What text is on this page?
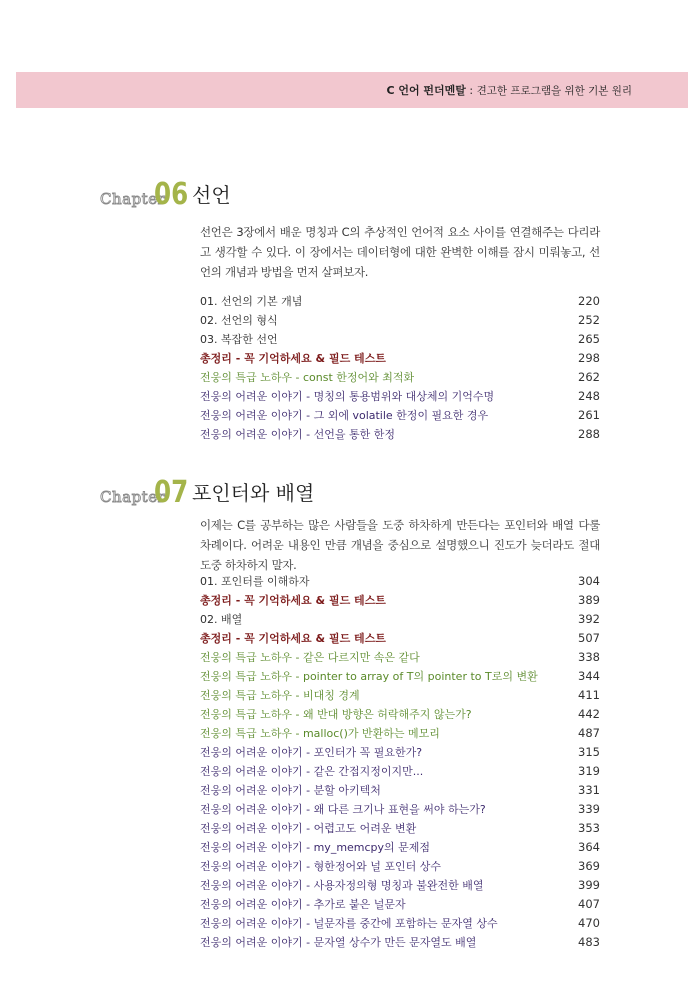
C 언어 펀더멘탈 : 견고한 프로그램을 위한 기본 원리
Chapter
06 선언
선언은 3장에서 배운 명칭과 C의 추상적인 언어적 요소 사이를 연결해주는 다리라고 생각할 수 있다. 이 장에서는 데이터형에 대한 완벽한 이해를 잠시 미뤄놓고, 선언의 개념과 방법을 먼저 살펴보자.
01. 선언의 기본 개념	220
02. 선언의 형식	252
03. 복잡한 선언	265
총정리 - 꼭 기억하세요 & 필드 테스트	298
전웅의 특급 노하우 - const 한정어와 최적화	262
전웅의 어려운 이야기 - 명칭의 통용범위와 대상체의 기억수명	248
전웅의 어려운 이야기 - 그 외에 volatile 한정이 필요한 경우	261
전웅의 어려운 이야기 - 선언을 통한 한정	288
Chapter
07 포인터와 배열
이제는 C를 공부하는 많은 사람들을 도중 하차하게 만든다는 포인터와 배열 다룰 차례이다. 어려운 내용인 만큼 개념을 중심으로 설명했으니 진도가 늦더라도 절대 도중 하차하지 말자.
01. 포인터를 이해하자	304
총정리 - 꼭 기억하세요 & 필드 테스트	389
02. 배열	392
총정리 - 꼭 기억하세요 & 필드 테스트	507
전웅의 특급 노하우 - 같은 다르지만 속은 같다	338
전웅의 특급 노하우 - pointer to array of T의 pointer to T로의 변환	344
전웅의 특급 노하우 - 비대칭 경계	411
전웅의 특급 노하우 - 왜 반대 방향은 허락해주지 않는가?	442
전웅의 특급 노하우 - malloc()가 반환하는 메모리	487
전웅의 어려운 이야기 - 포인터가 꼭 필요한가?	315
전웅의 어려운 이야기 - 같은 간접지정이지만...	319
전웅의 어려운 이야기 - 분할 아키텍처	331
전웅의 어려운 이야기 - 왜 다른 크기나 표현을 써야 하는가?	339
전웅의 어려운 이야기 - 어렵고도 어려운 변환	353
전웅의 어려운 이야기 - my_memcpy의 문제점	364
전웅의 어려운 이야기 - 형한정어와 널 포인터 상수	369
전웅의 어려운 이야기 - 사용자정의형 명칭과 불완전한 배열	399
전웅의 어려운 이야기 - 추가로 붙은 널문자	407
전웅의 어려운 이야기 - 널문자를 중간에 포함하는 문자열 상수	470
전웅의 어려운 이야기 - 문자열 상수가 만든 문자열도 배열	483
